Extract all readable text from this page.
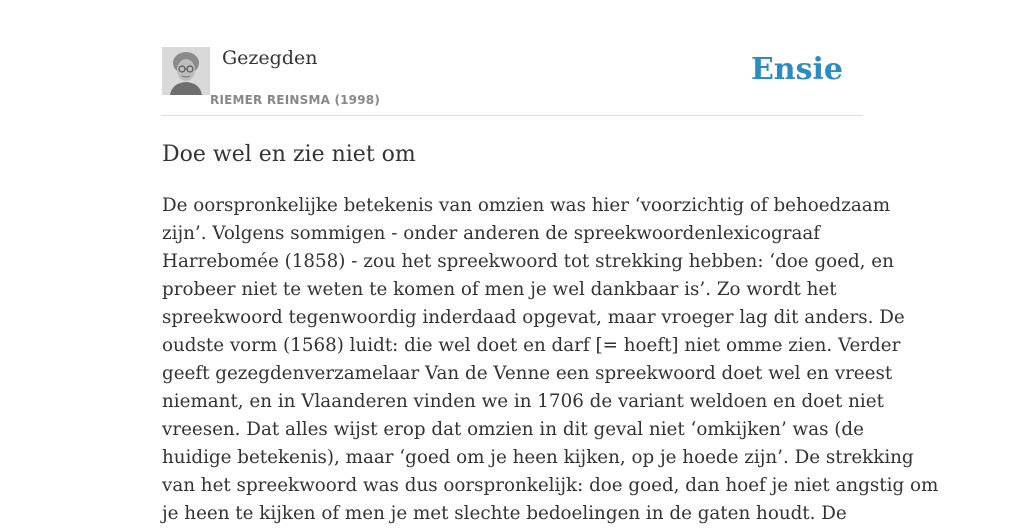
Gezegden
RIEMER REINSMA (1998)
Ensie
Doe wel en zie niet om

De oorspronkelijke betekenis van omzien was hier ‘voorzichtig of behoedzaam
zijn’. Volgens sommigen - onder anderen de spreekwoordenlexicograaf
Harrebomée (1858) - zou het spreekwoord tot strekking hebben: ‘doe goed, en
probeer niet te weten te komen of men je wel dankbaar is’. Zo wordt het
spreekwoord tegenwoordig inderdaad opgevat, maar vroeger lag dit anders. De
oudste vorm (1568) luidt: die wel doet en darf [= hoeft] niet omme zien. Verder
geeft gezegdenverzamelaar Van de Venne een spreekwoord doet wel en vreest
niemant, en in Vlaanderen vinden we in 1706 de variant weldoen en doet niet
vreesen. Dat alles wijst erop dat omzien in dit geval niet ‘omkijken’ was (de
huidige betekenis), maar ‘goed om je heen kijken, op je hoede zijn’. De strekking
van het spreekwoord was dus oorspronkelijk: doe goed, dan hoef je niet angstig om
je heen te kijken of men je met slechte bedoelingen in de gaten houdt. De
